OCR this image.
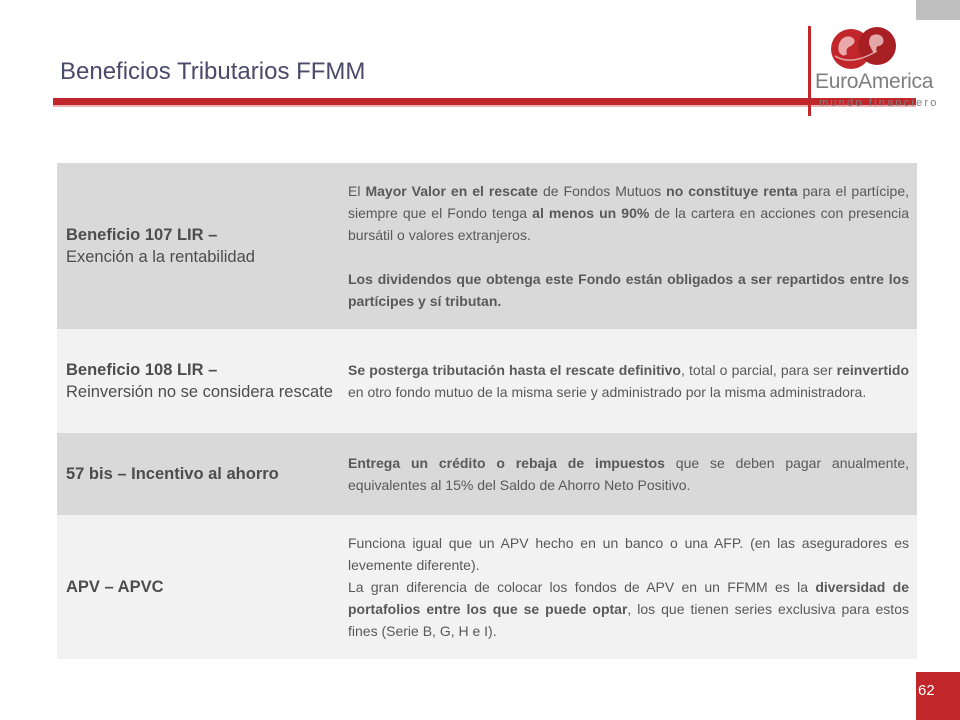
Beneficios Tributarios FFMM	EuroAmerica
mundo financiero
Beneficio 107 LIR –
Exención a la rentabilidad

El Mayor Valor en el rescate de Fondos Mutuos no constituye renta para el partícipe, siempre que el Fondo tenga al menos un 90% de la cartera en acciones con presencia bursátil o valores extranjeros.

Los dividendos que obtenga este Fondo están obligados a ser repartidos entre los partícipes y sí tributan.

Beneficio 108 LIR –
Reinversión no se considera rescate

Se posterga tributación hasta el rescate definitivo, total o parcial, para ser reinvertido en otro fondo mutuo de la misma serie y administrado por la misma administradora.

57 bis – Incentivo al ahorro

Entrega un crédito o rebaja de impuestos que se deben pagar anualmente, equivalentes al 15% del Saldo de Ahorro Neto Positivo.

APV – APVC

Funciona igual que un APV hecho en un banco o una AFP. (en las aseguradores es levemente diferente).

La gran diferencia de colocar los fondos de APV en un FFMM es la diversidad de portafolios entre los que se puede optar, los que tienen series exclusiva para estos fines (Serie B, G, H e I).

62
